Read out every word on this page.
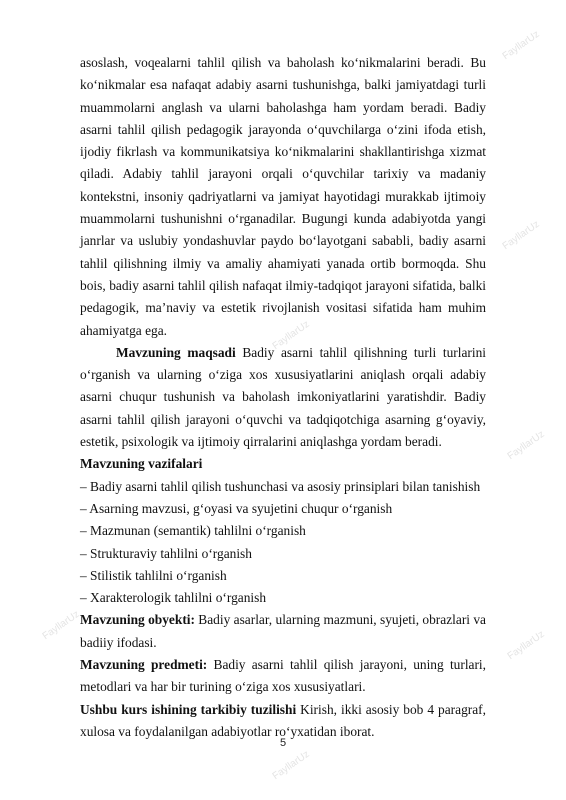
asoslash, voqealarni tahlil qilish va baholash ko‘nikmalarini beradi. Bu ko‘nikmalar esa nafaqat adabiy asarni tushunishga, balki jamiyatdagi turli muammolarni anglash va ularni baholashga ham yordam beradi. Badiy asarni tahlil qilish pedagogik jarayonda o‘quvchilarga o‘zini ifoda etish, ijodiy fikrlash va kommunikatsiya ko‘nikmalarini shakllantirishga xizmat qiladi. Adabiy tahlil jarayoni orqali o‘quvchilar tarixiy va madaniy kontekstni, insoniy qadriyatlarni va jamiyat hayotidagi murakkab ijtimoiy muammolarni tushunishni o‘rganadilar. Bugungi kunda adabiyotda yangi janrlar va uslubiy yondashuvlar paydo bo‘layotgani sababli, badiy asarni tahlil qilishning ilmiy va amaliy ahamiyati yanada ortib bormoqda. Shu bois, badiy asarni tahlil qilish nafaqat ilmiy-tadqiqot jarayoni sifatida, balki pedagogik, ma’naviy va estetik rivojlanish vositasi sifatida ham muhim ahamiyatga ega.

Mavzuning maqsadi Badiy asarni tahlil qilishning turli turlarini o‘rganish va ularning o‘ziga xos xususiyatlarini aniqlash orqali adabiy asarni chuqur tushunish va baholash imkoniyatlarini yaratishdir. Badiy asarni tahlil qilish jarayoni o‘quvchi va tadqiqotchiga asarning g‘oyaviy, estetik, psixologik va ijtimoiy qirralarini aniqlashga yordam beradi.

Mavzuning vazifalari

– Badiy asarni tahlil qilish tushunchasi va asosiy prinsiplari bilan tanishish

– Asarning mavzusi, g‘oyasi va syujetini chuqur o‘rganish

– Mazmunan (semantik) tahlilni o‘rganish

– Strukturaviy tahlilni o‘rganish

– Stilistik tahlilni o‘rganish

– Xarakterologik tahlilni o‘rganish

Mavzuning obyekti: Badiy asarlar, ularning mazmuni, syujeti, obrazlari va badiiy ifodasi.

Mavzuning predmeti: Badiy asarni tahlil qilish jarayoni, uning turlari, metodlari va har bir turining o‘ziga xos xususiyatlari.

Ushbu kurs ishining tarkibiy tuzilishi Kirish, ikki asosiy bob 4 paragraf, xulosa va foydalanilgan adabiyotlar ro‘yxatidan iborat.

5
FayllarUz
FayllarUz
FayllarUz
FayllarUz
FayllarUz
FayllarUz
FayllarUz
